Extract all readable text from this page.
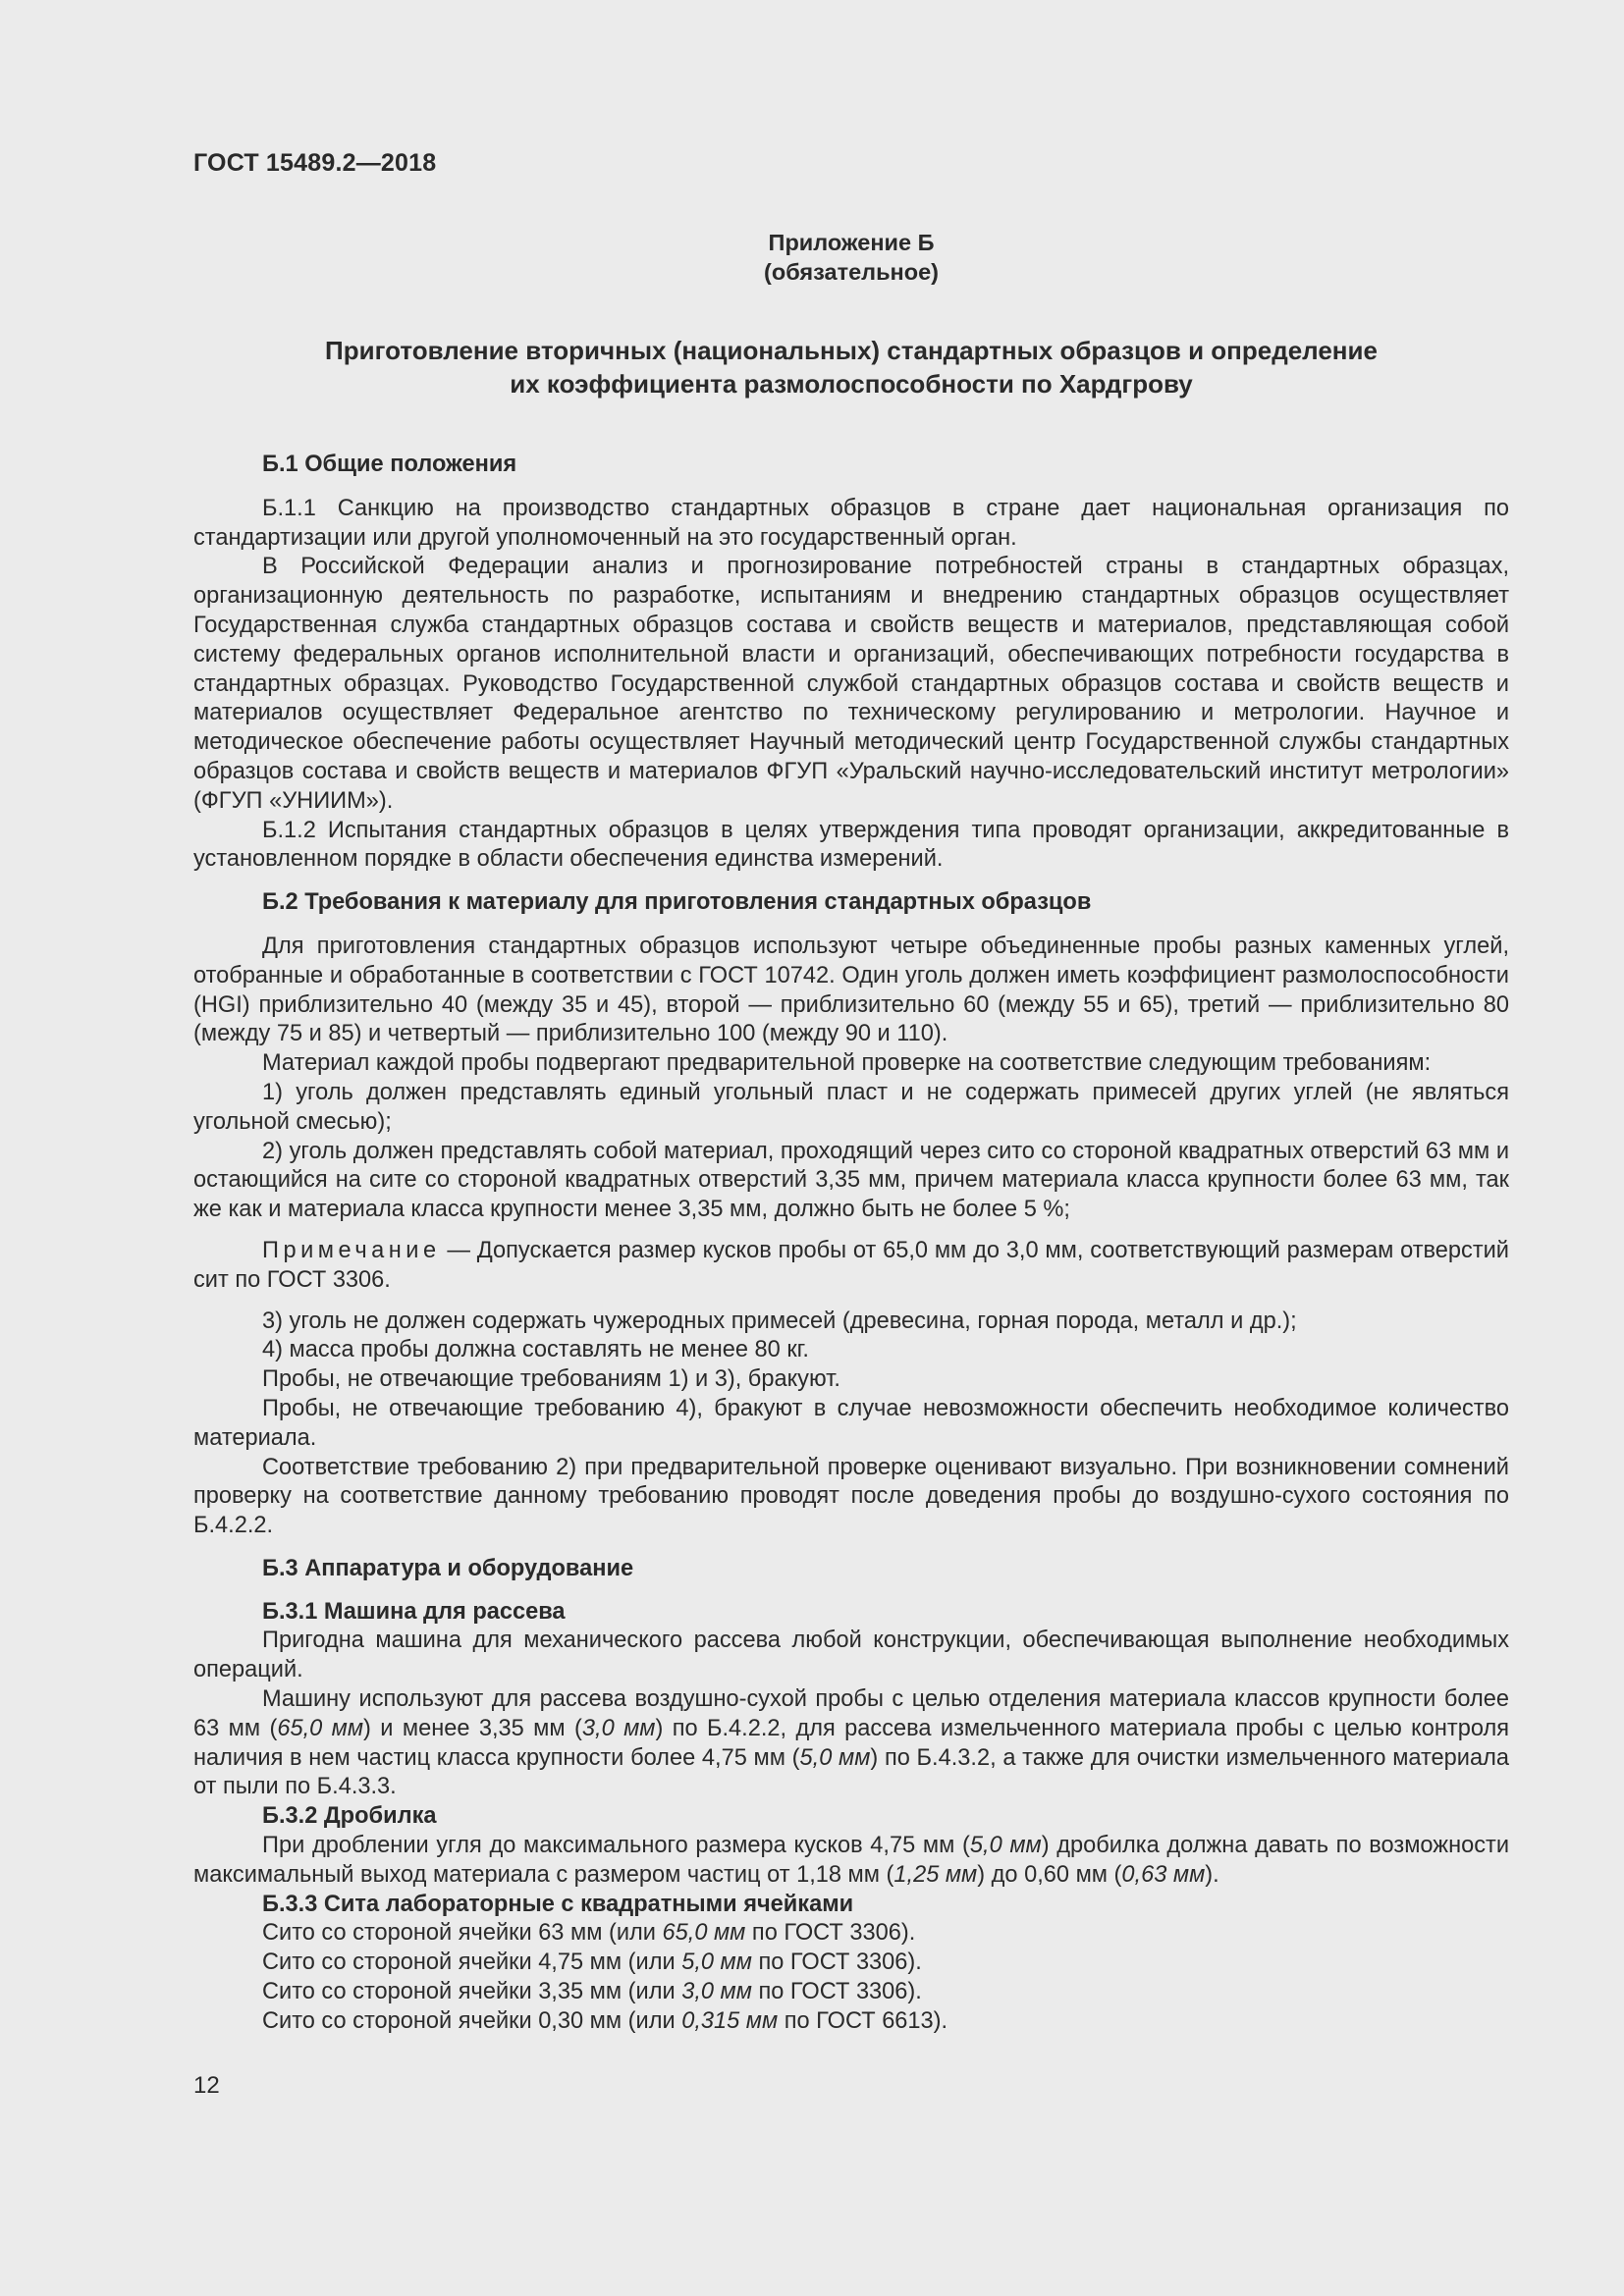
ГОСТ 15489.2—2018
Приложение Б
(обязательное)
Приготовление вторичных (национальных) стандартных образцов и определение
их коэффициента размолоспособности по Хардгрову
Б.1 Общие положения

Б.1.1 Санкцию на производство стандартных образцов в стране дает национальная организация по стандартизации или другой уполномоченный на это государственный орган.

В Российской Федерации анализ и прогнозирование потребностей страны в стандартных образцах, организационную деятельность по разработке, испытаниям и внедрению стандартных образцов осуществляет Государственная служба стандартных образцов состава и свойств веществ и материалов, представляющая собой систему федеральных органов исполнительной власти и организаций, обеспечивающих потребности государства в стандартных образцах. Руководство Государственной службой стандартных образцов состава и свойств веществ и материалов осуществляет Федеральное агентство по техническому регулированию и метрологии. Научное и методическое обеспечение работы осуществляет Научный методический центр Государственной службы стандартных образцов состава и свойств веществ и материалов ФГУП «Уральский научно-исследовательский институт метрологии» (ФГУП «УНИИМ»).

Б.1.2 Испытания стандартных образцов в целях утверждения типа проводят организации, аккредитованные в установленном порядке в области обеспечения единства измерений.

Б.2 Требования к материалу для приготовления стандартных образцов

Для приготовления стандартных образцов используют четыре объединенные пробы разных каменных углей, отобранные и обработанные в соответствии с ГОСТ 10742. Один уголь должен иметь коэффициент размолоспособности (HGI) приблизительно 40 (между 35 и 45), второй — приблизительно 60 (между 55 и 65), третий — приблизительно 80 (между 75 и 85) и четвертый — приблизительно 100 (между 90 и 110).

Материал каждой пробы подвергают предварительной проверке на соответствие следующим требованиям:

1) уголь должен представлять единый угольный пласт и не содержать примесей других углей (не являться угольной смесью);

2) уголь должен представлять собой материал, проходящий через сито со стороной квадратных отверстий 63 мм и остающийся на сите со стороной квадратных отверстий 3,35 мм, причем материала класса крупности более 63 мм, так же как и материала класса крупности менее 3,35 мм, должно быть не более 5 %;

Примечание — Допускается размер кусков пробы от 65,0 мм до 3,0 мм, соответствующий размерам отверстий сит по ГОСТ 3306.

3) уголь не должен содержать чужеродных примесей (древесина, горная порода, металл и др.);

4) масса пробы должна составлять не менее 80 кг.

Пробы, не отвечающие требованиям 1) и 3), бракуют.

Пробы, не отвечающие требованию 4), бракуют в случае невозможности обеспечить необходимое количество материала.

Соответствие требованию 2) при предварительной проверке оценивают визуально. При возникновении сомнений проверку на соответствие данному требованию проводят после доведения пробы до воздушно-сухого состояния по Б.4.2.2.

Б.3 Аппаратура и оборудование
Б.3.1 Машина для рассева

Пригодна машина для механического рассева любой конструкции, обеспечивающая выполнение необходимых операций.

Машину используют для рассева воздушно-сухой пробы с целью отделения материала классов крупности более 63 мм (65,0 мм) и менее 3,35 мм (3,0 мм) по Б.4.2.2, для рассева измельченного материала пробы с целью контроля наличия в нем частиц класса крупности более 4,75 мм (5,0 мм) по Б.4.3.2, а также для очистки измельченного материала от пыли по Б.4.3.3.

Б.3.2 Дробилка

При дроблении угля до максимального размера кусков 4,75 мм (5,0 мм) дробилка должна давать по возможности максимальный выход материала с размером частиц от 1,18 мм (1,25 мм) до 0,60 мм (0,63 мм).

Б.3.3 Сита лабораторные с квадратными ячейками

Сито со стороной ячейки 63 мм (или 65,0 мм по ГОСТ 3306).

Сито со стороной ячейки 4,75 мм (или 5,0 мм по ГОСТ 3306).

Сито со стороной ячейки 3,35 мм (или 3,0 мм по ГОСТ 3306).

Сито со стороной ячейки 0,30 мм (или 0,315 мм по ГОСТ 6613).

12
